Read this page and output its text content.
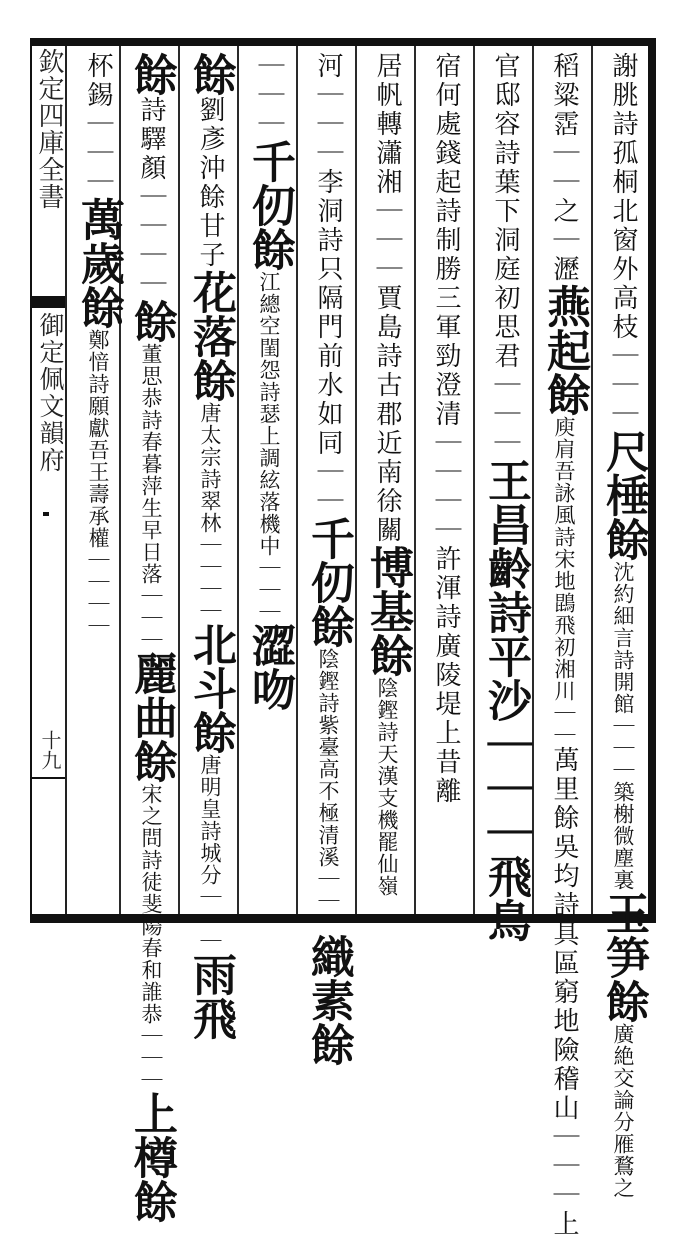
欽定四庫全書
御定佩文韻府
十九
謝朓詩孤桐北窗外高枝｜｜｜尺棰餘沈約細言詩開館｜｜｜築榭微塵裏玉笋餘廣絶交論分雁鶩之
稻粱霑｜｜之｜瀝燕起餘庾肩吾詠風詩宋地鵾飛初湘川｜｜萬里餘吳均詩具區窮地險稽山｜｜｜上
官邸容詩葉下洞庭初思君｜｜｜王昌齡詩平沙｜｜｜飛鳥
宿何處錢起詩制勝三軍勁澄清｜｜｜｜許渾詩廣陵堤上昔離
居帆轉瀟湘｜｜｜賈島詩古郡近南徐關博基餘陰鏗詩天漢支機罷仙嶺
河｜｜｜李洞詩只隔門前水如同｜｜千仞餘陰鏗詩紫臺高不極清溪｜｜｜織素餘
｜｜｜千仞餘江總空閨怨詩瑟上調絃落機中｜｜｜澀吻
餘劉彥沖餘甘子花落餘唐太宗詩翠林｜｜｜｜北斗餘唐明皇詩城分｜｜｜雨飛
餘詩驛顏｜｜｜｜餘董思恭詩春暮萍生早日落｜｜｜麗曲餘宋之問詩徒斐陽春和誰恭｜｜｜上樽餘
杯錫｜｜｜萬歲餘鄭愔詩願獻吾王壽承權｜｜｜｜
